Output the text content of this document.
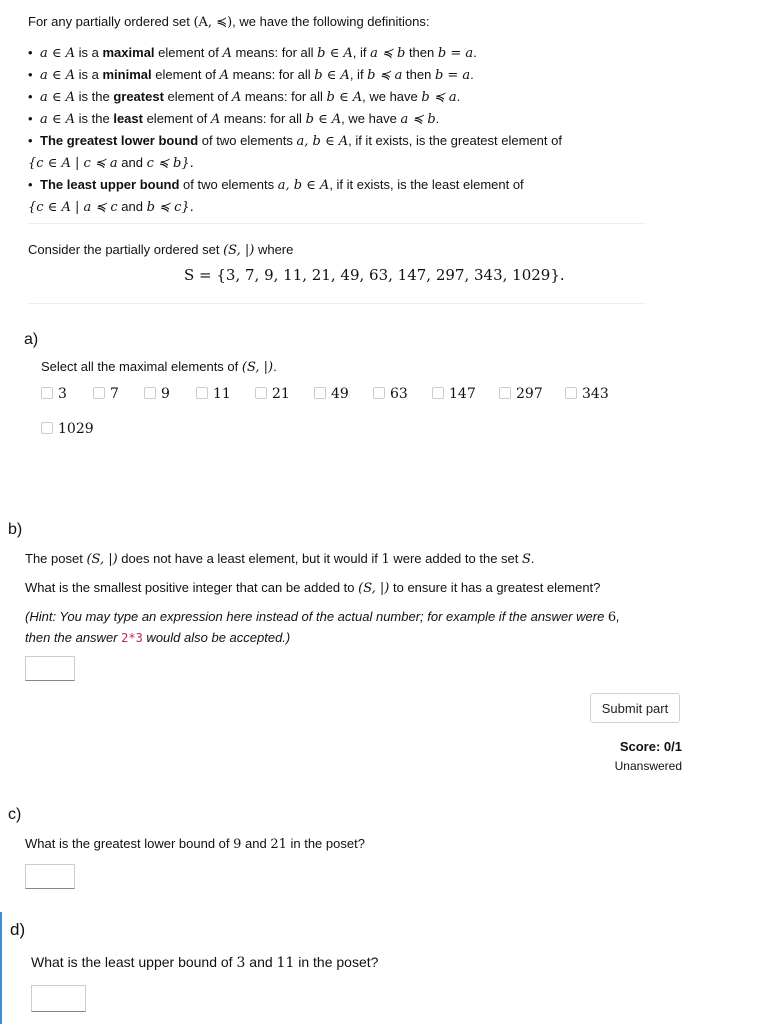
For any partially ordered set (A, ≼), we have the following definitions:
• a ∈ A is a maximal element of A means: for all b ∈ A, if a ≼ b then b = a.
• a ∈ A is a minimal element of A means: for all b ∈ A, if b ≼ a then b = a.
• a ∈ A is the greatest element of A means: for all b ∈ A, we have b ≼ a.
• a ∈ A is the least element of A means: for all b ∈ A, we have a ≼ b.
• The greatest lower bound of two elements a, b ∈ A, if it exists, is the greatest element of
{c ∈ A | c ≼ a and c ≼ b}.
• The least upper bound of two elements a, b ∈ A, if it exists, is the least element of
{c ∈ A | a ≼ c and b ≼ c}.
Consider the partially ordered set (S, |) where
S = {3, 7, 9, 11, 21, 49, 63, 147, 297, 343, 1029}.
a)
Select all the maximal elements of (S, |).
3	7	9	11	21	49	63	147	297	343
1029
b)
The poset (S, |) does not have a least element, but it would if 1 were added to the set S.
What is the smallest positive integer that can be added to (S, |) to ensure it has a greatest element?
(Hint: You may type an expression here instead of the actual number; for example if the answer were 6,
then the answer 2*3 would also be accepted.)
Submit part
Score: 0/1
Unanswered
c)
What is the greatest lower bound of 9 and 21 in the poset?
d)
What is the least upper bound of 3 and 11 in the poset?
